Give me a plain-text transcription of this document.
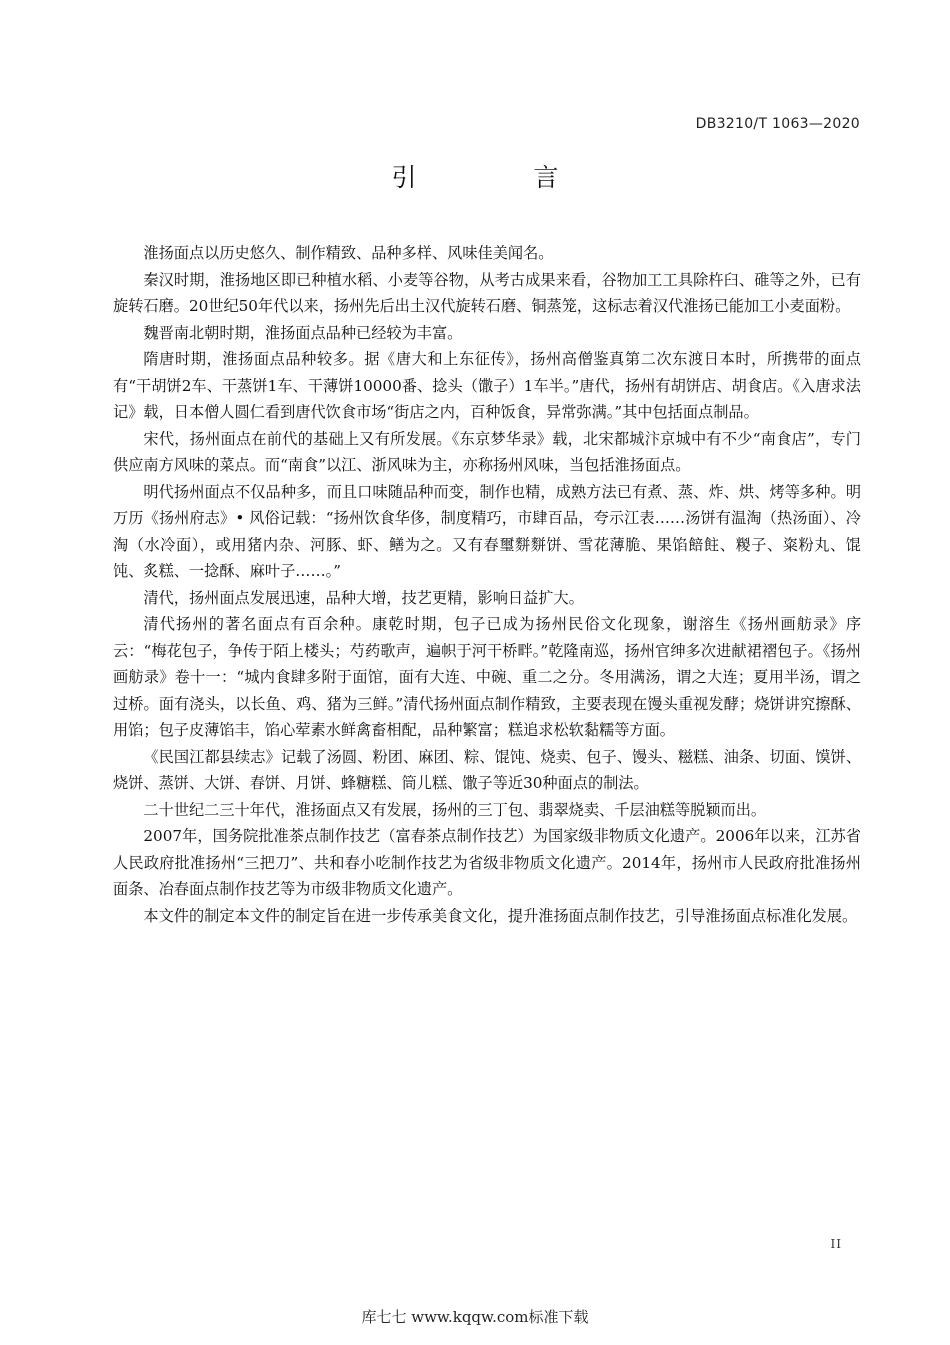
DB3210/T 1063—2020
引　言

淮扬面点以历史悠久、制作精致、品种多样、风味佳美闻名。

秦汉时期，淮扬地区即已种植水稻、小麦等谷物，从考古成果来看，谷物加工工具除杵臼、碓等之外，已有旋转石磨。20世纪50年代以来，扬州先后出土汉代旋转石磨、铜蒸笼，这标志着汉代淮扬已能加工小麦面粉。

魏晋南北朝时期，淮扬面点品种已经较为丰富。

隋唐时期，淮扬面点品种较多。据《唐大和上东征传》，扬州高僧鉴真第二次东渡日本时，所携带的面点有“干胡饼2车、干蒸饼1车、干薄饼10000番、捻头（馓子）1车半。”唐代，扬州有胡饼店、胡食店。《入唐求法记》载，日本僧人圆仁看到唐代饮食市场“街店之内，百种饭食，异常弥满。”其中包括面点制品。

宋代，扬州面点在前代的基础上又有所发展。《东京梦华录》载，北宋都城汴京城中有不少“南食店”，专门供应南方风味的菜点。而“南食”以江、浙风味为主，亦称扬州风味，当包括淮扬面点。

明代扬州面点不仅品种多，而且口味随品种而变，制作也精，成熟方法已有煮、蒸、炸、烘、烤等多种。明万历《扬州府志》• 风俗记载：“扬州饮食华侈，制度精巧，市肆百品，夸示江表……汤饼有温淘（热汤面）、冷淘（水冷面），或用猪内杂、河豚、虾、鳝为之。又有春璽䴵䴵饼、雪花薄脆、果馅餢飳、糉子、粢粉丸、馄饨、炙糕、一捻酥、麻叶子……。”

清代，扬州面点发展迅速，品种大增，技艺更精，影响日益扩大。

清代扬州的著名面点有百余种。康乾时期，包子已成为扬州民俗文化现象，谢溶生《扬州画舫录》序云：“梅花包子，争传于陌上楼头；芍药歌声，遍帜于河干桥畔。”乾隆南巡，扬州官绅多次进献裙褶包子。《扬州画舫录》卷十一：“城内食肆多附于面馆，面有大连、中碗、重二之分。冬用满汤，谓之大连；夏用半汤，谓之过桥。面有浇头，以长鱼、鸡、猪为三鲜。”清代扬州面点制作精致，主要表现在馒头重视发酵；烧饼讲究擦酥、用馅；包子皮薄馅丰，馅心荤素水鲜禽畜相配，品种繁富；糕追求松软黏糯等方面。

《民国江都县续志》记载了汤圆、粉团、麻团、粽、馄饨、烧卖、包子、馒头、糍糕、油条、切面、馍饼、烧饼、蒸饼、大饼、春饼、月饼、蜂糖糕、筒儿糕、馓子等近30种面点的制法。

二十世纪二三十年代，淮扬面点又有发展，扬州的三丁包、翡翠烧卖、千层油糕等脱颖而出。

2007年，国务院批准茶点制作技艺（富春茶点制作技艺）为国家级非物质文化遗产。2006年以来，江苏省人民政府批准扬州“三把刀”、共和春小吃制作技艺为省级非物质文化遗产。2014年，扬州市人民政府批准扬州面条、冶春面点制作技艺等为市级非物质文化遗产。

本文件的制定本文件的制定旨在进一步传承美食文化，提升淮扬面点制作技艺，引导淮扬面点标准化发展。

II
库七七 www.kqqw.com标准下载
